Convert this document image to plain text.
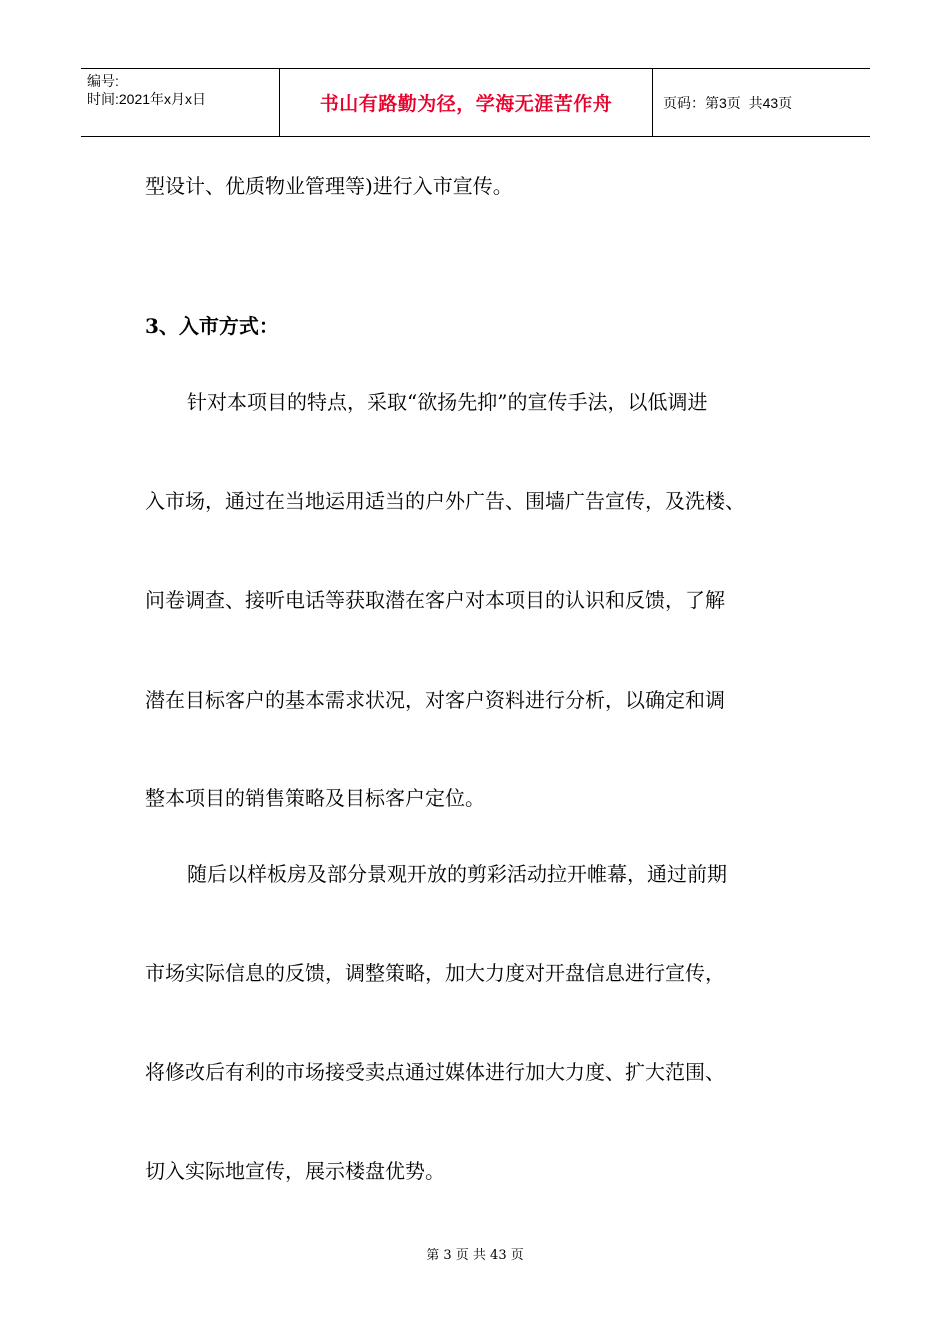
编号:
时间:2021年x月x日	书山有路勤为径，学海无涯苦作舟	页码：第3页  共43页
型设计、优质物业管理等)进行入市宣传。
3、入市方式：
针对本项目的特点，采取“欲扬先抑”的宣传手法，以低调进
入市场，通过在当地运用适当的户外广告、围墙广告宣传，及洗楼、
问卷调查、接听电话等获取潜在客户对本项目的认识和反馈，了解
潜在目标客户的基本需求状况，对客户资料进行分析，以确定和调
整本项目的销售策略及目标客户定位。
随后以样板房及部分景观开放的剪彩活动拉开帷幕，通过前期
市场实际信息的反馈，调整策略，加大力度对开盘信息进行宣传，
将修改后有利的市场接受卖点通过媒体进行加大力度、扩大范围、
切入实际地宣传，展示楼盘优势。
第 3 页 共 43 页
